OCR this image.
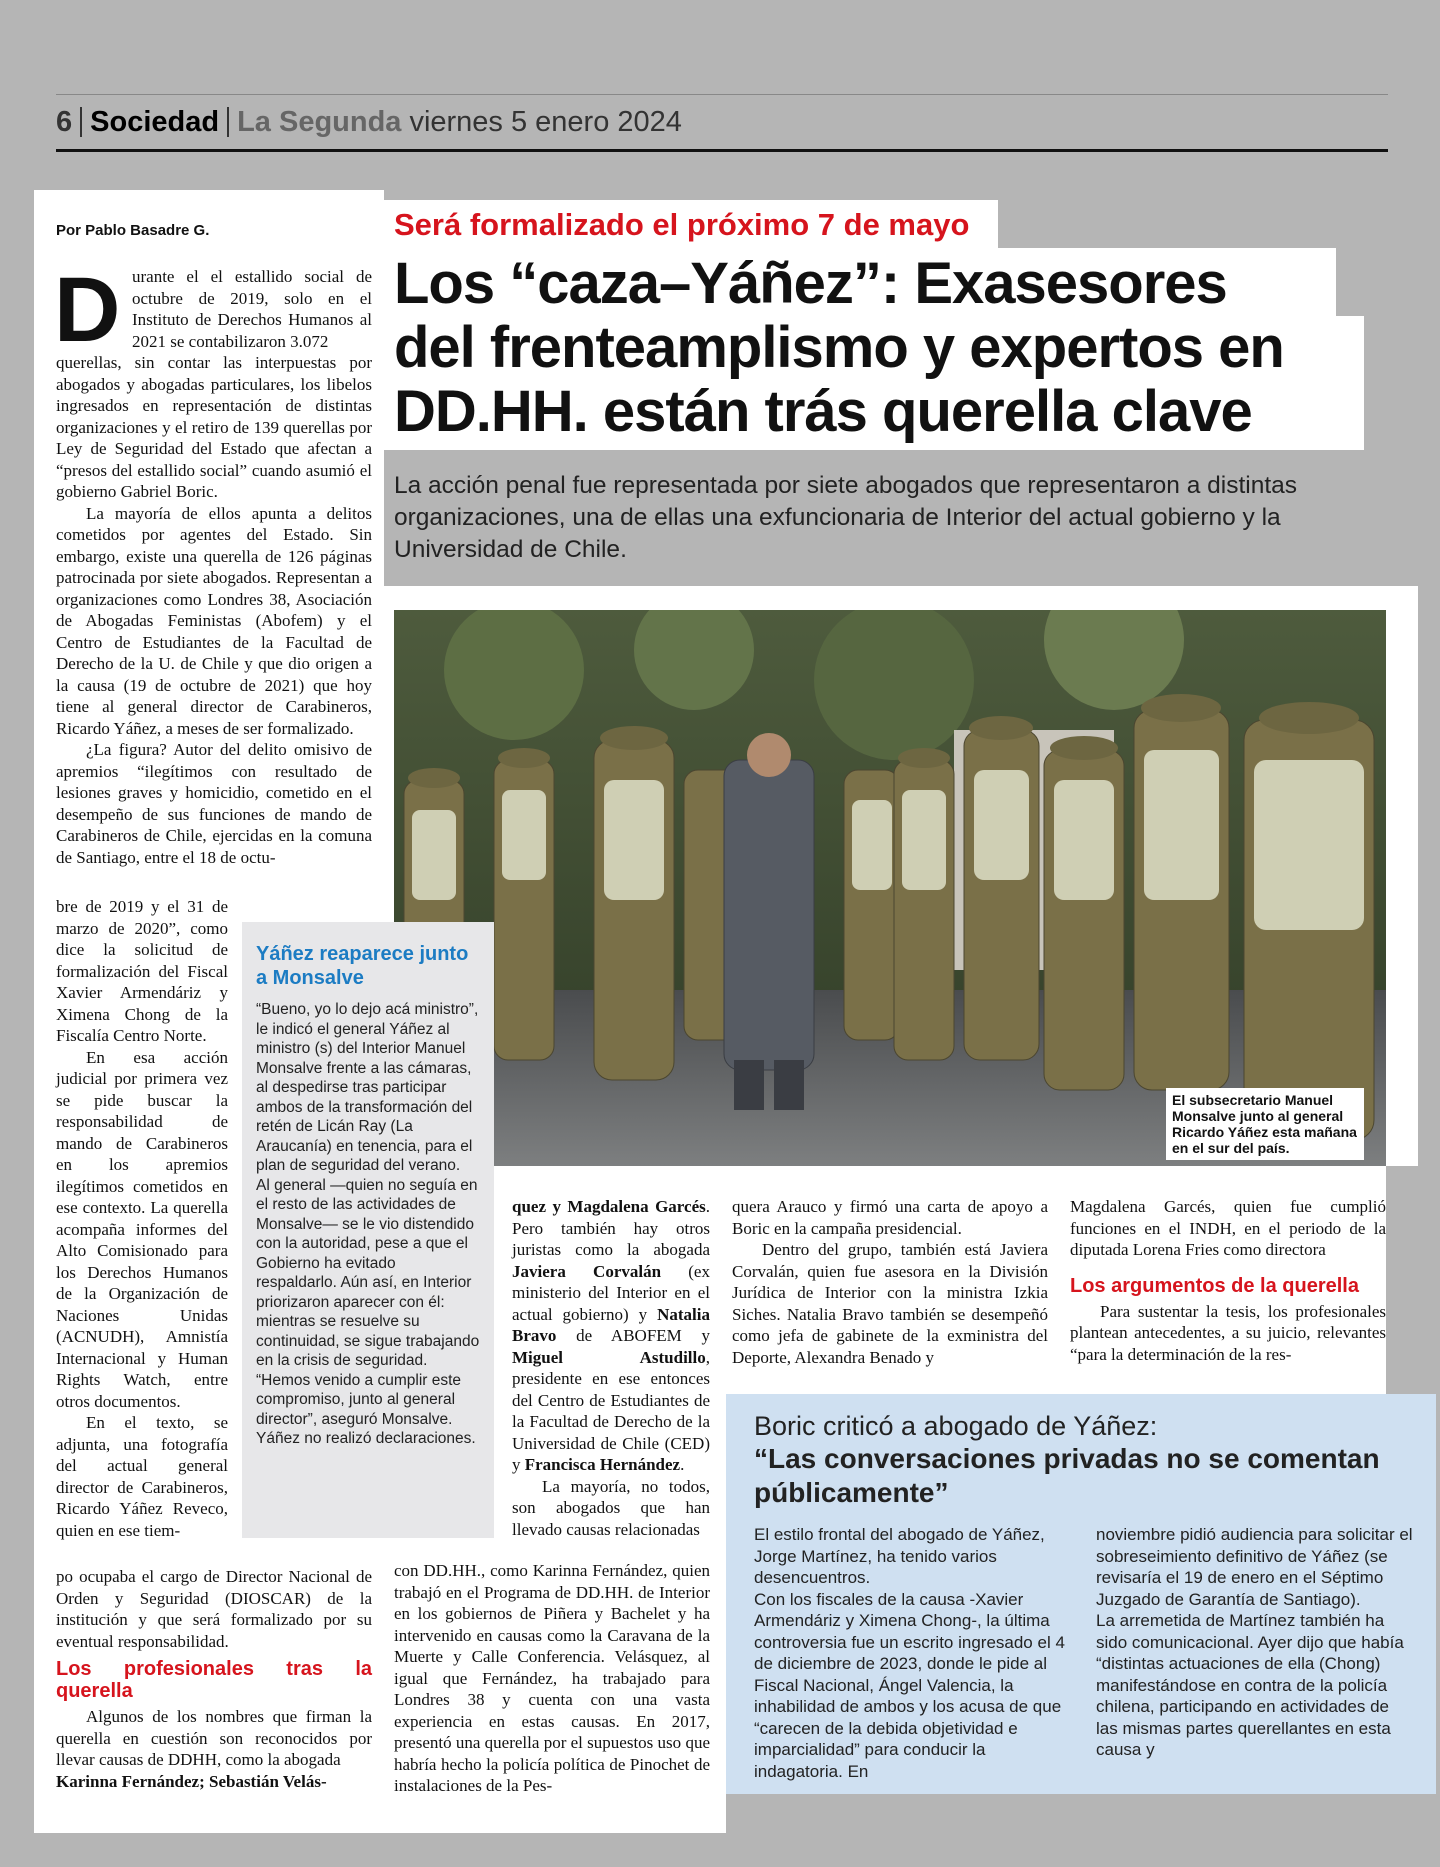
6 Sociedad La Segunda viernes 5 enero 2024
Será formalizado el próximo 7 de mayo
Los “caza–Yáñez”: Exasesores
del frenteamplismo y expertos en
DD.HH. están trás querella clave
La acción penal fue representada por siete abogados que representaron a distintas organizaciones, una de ellas una exfuncionaria de Interior del actual gobierno y la Universidad de Chile.
El subsecretario Manuel Monsalve junto al general Ricardo Yáñez esta mañana en el sur del país.
Por Pablo Basadre G.
D urante el el estallido social de octubre de 2019, solo en el Instituto de Derechos Humanos al 2021 se contabilizaron 3.072

querellas, sin contar las interpuestas por abogados y abogadas particulares, los libelos ingresados en representación de distintas organizaciones y el retiro de 139 querellas por Ley de Seguridad del Estado que afectan a “presos del estallido social” cuando asumió el gobierno Gabriel Boric.

La mayoría de ellos apunta a delitos cometidos por agentes del Estado. Sin embargo, existe una querella de 126 páginas patrocinada por siete abogados. Representan a organizaciones como Londres 38, Asociación de Abogadas Feministas (Abofem) y el Centro de Estudiantes de la Facultad de Derecho de la U. de Chile y que dio origen a la causa (19 de octubre de 2021) que hoy tiene al general director de Carabineros, Ricardo Yáñez, a meses de ser formalizado.

¿La figura? Autor del delito omisivo de apremios “ilegítimos con resultado de lesiones graves y homicidio, cometido en el desempeño de sus funciones de mando de Carabineros de Chile, ejercidas en la comuna de Santiago, entre el 18 de octu-

bre de 2019 y el 31 de marzo de 2020”, como dice la solicitud de formalización del Fiscal Xavier Armendáriz y Ximena Chong de la Fiscalía Centro Norte.

En esa acción judicial por primera vez se pide buscar la responsabilidad de mando de Carabineros en los apremios ilegítimos cometidos en ese contexto. La querella acompaña informes del Alto Comisionado para los Derechos Humanos de la Organización de Naciones Unidas (ACNUDH), Amnistía Internacional y Human Rights Watch, entre otros documentos.

En el texto, se adjunta, una fotografía del actual general director de Carabineros, Ricardo Yáñez Reveco, quien en ese tiem-

po ocupaba el cargo de Director Nacional de Orden y Seguridad (DIOSCAR) de la institución y que será formalizado por su eventual responsabilidad.

Los profesionales tras la querella

Algunos de los nombres que firman la querella en cuestión son reconocidos por llevar causas de DDHH, como la abogada

Karinna Fernández; Sebastián Velás-

Yáñez reaparece junto a Monsalve

“Bueno, yo lo dejo acá ministro”, le indicó el general Yáñez al ministro (s) del Interior Manuel Monsalve frente a las cámaras, al despedirse tras participar ambos de la transformación del retén de Licán Ray (La Araucanía) en tenencia, para el plan de seguridad del verano.

Al general —quien no seguía en el resto de las actividades de Monsalve— se le vio distendido con la autoridad, pese a que el Gobierno ha evitado respaldarlo. Aún así, en Interior priorizaron aparecer con él: mientras se resuelve su continuidad, se sigue trabajando en la crisis de seguridad. “Hemos venido a cumplir este compromiso, junto al general director”, aseguró Monsalve. Yáñez no realizó declaraciones.

quez y Magdalena Garcés. Pero también hay otros juristas como la abogada Javiera Corvalán (ex ministerio del Interior en el actual gobierno) y Natalia Bravo de ABOFEM y Miguel Astudillo, presidente en ese entonces del Centro de Estudiantes de la Facultad de Derecho de la Universidad de Chile (CED) y Francisca Hernández.

La mayoría, no todos, son abogados que han llevado causas relacionadas

con DD.HH., como Karinna Fernández, quien trabajó en el Programa de DD.HH. de Interior en los gobiernos de Piñera y Bachelet y ha intervenido en causas como la Caravana de la Muerte y Calle Conferencia. Velásquez, al igual que Fernández, ha trabajado para Londres 38 y cuenta con una vasta experiencia en estas causas. En 2017, presentó una querella por el supuestos uso que habría hecho la policía política de Pinochet de instalaciones de la Pes-

quera Arauco y firmó una carta de apoyo a Boric en la campaña presidencial.

Dentro del grupo, también está Javiera Corvalán, quien fue asesora en la División Jurídica de Interior con la ministra Izkia Siches. Natalia Bravo también se desempeñó como jefa de gabinete de la exministra del Deporte, Alexandra Benado y

Magdalena Garcés, quien fue cumplió funciones en el INDH, en el periodo de la diputada Lorena Fries como directora

Los argumentos de la querella

Para sustentar la tesis, los profesionales plantean antecedentes, a su juicio, relevantes “para la determinación de la res-

Boric criticó a abogado de Yáñez:
“Las conversaciones privadas no se comentan públicamente”

El estilo frontal del abogado de Yáñez, Jorge Martínez, ha tenido varios desencuentros.

Con los fiscales de la causa -Xavier Armendáriz y Ximena Chong-, la última controversia fue un escrito ingresado el 4 de diciembre de 2023, donde le pide al Fiscal Nacional, Ángel Valencia, la inhabilidad de ambos y los acusa de que “carecen de la debida objetividad e imparcialidad” para conducir la indagatoria. En

noviembre pidió audiencia para solicitar el sobreseimiento definitivo de Yáñez (se revisaría el 19 de enero en el Séptimo Juzgado de Garantía de Santiago).

La arremetida de Martínez también ha sido comunicacional. Ayer dijo que había “distintas actuaciones de ella (Chong) manifestándose en contra de la policía chilena, participando en actividades de las mismas partes querellantes en esta causa y
